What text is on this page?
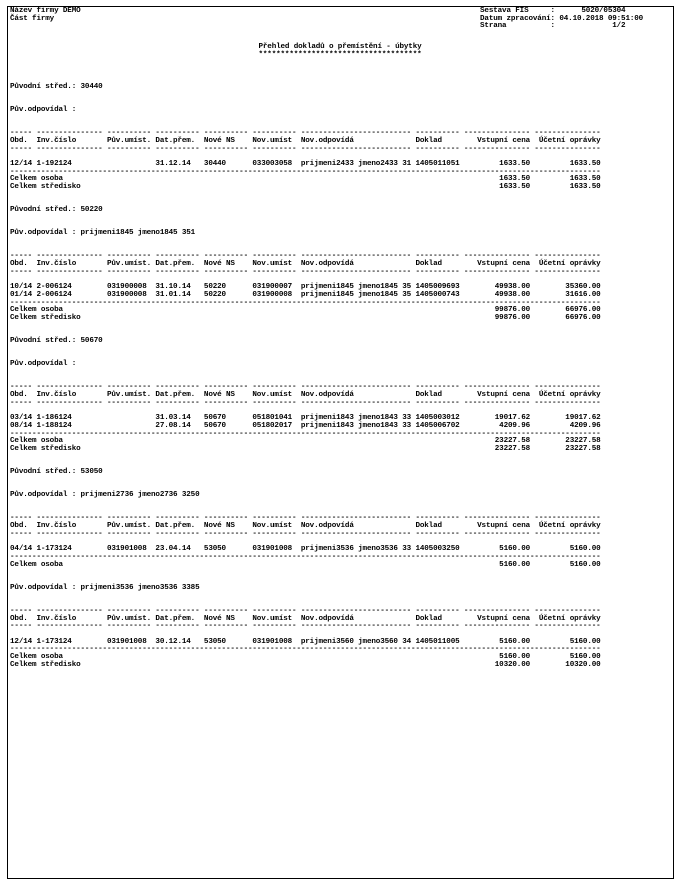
Název firmy DEMO
Část firmy
Sestava FIS     :      5020/05304
Datum zpracování: 04.10.2018 09:51:00
Strana          :             1/2
Přehled dokladů o přemístění - úbytky
*************************************
Původní střed.: 30440

Pův.odpovídal :

----- --------------- ---------- ---------- ---------- ---------- ------------------------- ---------- --------------- ---------------
Obd.  Inv.číslo       Pův.umíst. Dat.přem.  Nové NS    Nov.umíst  Nov.odpovídá              Doklad        Vstupní cena  Účetní oprávky
----- --------------- ---------- ---------- ---------- ---------- ------------------------- ---------- --------------- ---------------

12/14 1-192124                   31.12.14   30440      033003058  prijmeni2433 jmeno2433 31 1405011051         1633.50         1633.50
--------------------------------------------------------------------------------------------------------------------------------------
Celkem osoba                                                                                                   1633.50         1633.50
Celkem středisko                                                                                               1633.50         1633.50

Původní střed.: 50220

Pův.odpovídal : prijmeni1845 jmeno1845 351

----- --------------- ---------- ---------- ---------- ---------- ------------------------- ---------- --------------- ---------------
Obd.  Inv.číslo       Pův.umíst. Dat.přem.  Nové NS    Nov.umíst  Nov.odpovídá              Doklad        Vstupní cena  Účetní oprávky
----- --------------- ---------- ---------- ---------- ---------- ------------------------- ---------- --------------- ---------------

10/14 2-006124        031900008  31.10.14   50220      031900007  prijmeni1845 jmeno1845 35 1405009693        49938.00        35360.00
01/14 2-006124        031900008  31.01.14   50220      031900008  prijmeni1845 jmeno1845 35 1405000743        49938.00        31616.00
--------------------------------------------------------------------------------------------------------------------------------------
Celkem osoba                                                                                                  99876.00        66976.00
Celkem středisko                                                                                              99876.00        66976.00

Původní střed.: 50670

Pův.odpovídal :

----- --------------- ---------- ---------- ---------- ---------- ------------------------- ---------- --------------- ---------------
Obd.  Inv.číslo       Pův.umíst. Dat.přem.  Nové NS    Nov.umíst  Nov.odpovídá              Doklad        Vstupní cena  Účetní oprávky
----- --------------- ---------- ---------- ---------- ---------- ------------------------- ---------- --------------- ---------------

03/14 1-186124                   31.03.14   50670      051801041  prijmeni1843 jmeno1843 33 1405003012        19017.62        19017.62
08/14 1-188124                   27.08.14   50670      051802017  prijmeni1843 jmeno1843 33 1405006702         4209.96         4209.96
--------------------------------------------------------------------------------------------------------------------------------------
Celkem osoba                                                                                                  23227.58        23227.58
Celkem středisko                                                                                              23227.58        23227.58

Původní střed.: 53050

Pův.odpovídal : prijmeni2736 jmeno2736 3250

----- --------------- ---------- ---------- ---------- ---------- ------------------------- ---------- --------------- ---------------
Obd.  Inv.číslo       Pův.umíst. Dat.přem.  Nové NS    Nov.umíst  Nov.odpovídá              Doklad        Vstupní cena  Účetní oprávky
----- --------------- ---------- ---------- ---------- ---------- ------------------------- ---------- --------------- ---------------

04/14 1-173124        031901008  23.04.14   53050      031901008  prijmeni3536 jmeno3536 33 1405003250         5160.00         5160.00
--------------------------------------------------------------------------------------------------------------------------------------
Celkem osoba                                                                                                   5160.00         5160.00

Pův.odpovídal : prijmeni3536 jmeno3536 3385

----- --------------- ---------- ---------- ---------- ---------- ------------------------- ---------- --------------- ---------------
Obd.  Inv.číslo       Pův.umíst. Dat.přem.  Nové NS    Nov.umíst  Nov.odpovídá              Doklad        Vstupní cena  Účetní oprávky
----- --------------- ---------- ---------- ---------- ---------- ------------------------- ---------- --------------- ---------------

12/14 1-173124        031901008  30.12.14   53050      031901008  prijmeni3560 jmeno3560 34 1405011005         5160.00         5160.00
--------------------------------------------------------------------------------------------------------------------------------------
Celkem osoba                                                                                                   5160.00         5160.00
Celkem středisko                                                                                              10320.00        10320.00
